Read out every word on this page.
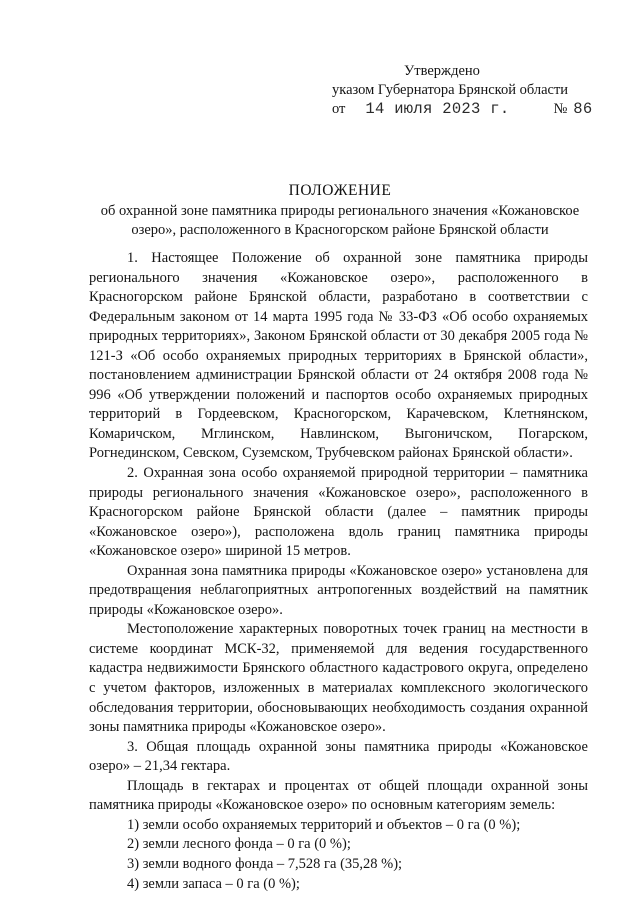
Утверждено
указом Губернатора Брянской области
от 14 июля 2023 г.	№ 86
ПОЛОЖЕНИЕ
об охранной зоне памятника природы регионального значения «Кожановское озеро», расположенного в Красногорском районе Брянской области

1. Настоящее Положение об охранной зоне памятника природы регионального значения «Кожановское озеро», расположенного в Красногорском районе Брянской области, разработано в соответствии с Федеральным законом от 14 марта 1995 года № 33-ФЗ «Об особо охраняемых природных территориях», Законом Брянской области от 30 декабря 2005 года № 121-З «Об особо охраняемых природных территориях в Брянской области», постановлением администрации Брянской области от 24 октября 2008 года № 996 «Об утверждении положений и паспортов особо охраняемых природных территорий в Гордеевском, Красногорском, Карачевском, Клетнянском, Комаричском, Мглинском, Навлинском, Выгоничском, Погарском, Рогнединском, Севском, Суземском, Трубчевском районах Брянской области».

2. Охранная зона особо охраняемой природной территории – памятника природы регионального значения «Кожановское озеро», расположенного в Красногорском районе Брянской области (далее – памятник природы «Кожановское озеро»), расположена вдоль границ памятника природы «Кожановское озеро» шириной 15 метров.

Охранная зона памятника природы «Кожановское озеро» установлена для предотвращения неблагоприятных антропогенных воздействий на памятник природы «Кожановское озеро».

Местоположение характерных поворотных точек границ на местности в системе координат МСК-32, применяемой для ведения государственного кадастра недвижимости Брянского областного кадастрового округа, определено с учетом факторов, изложенных в материалах комплексного экологического обследования территории, обосновывающих необходимость создания охранной зоны памятника природы «Кожановское озеро».

3. Общая площадь охранной зоны памятника природы «Кожановское озеро» – 21,34 гектара.

Площадь в гектарах и процентах от общей площади охранной зоны памятника природы «Кожановское озеро» по основным категориям земель:

1) земли особо охраняемых территорий и объектов – 0 га (0 %);

2) земли лесного фонда – 0 га (0 %);

3) земли водного фонда – 7,528 га (35,28 %);

4) земли запаса – 0 га (0 %);
